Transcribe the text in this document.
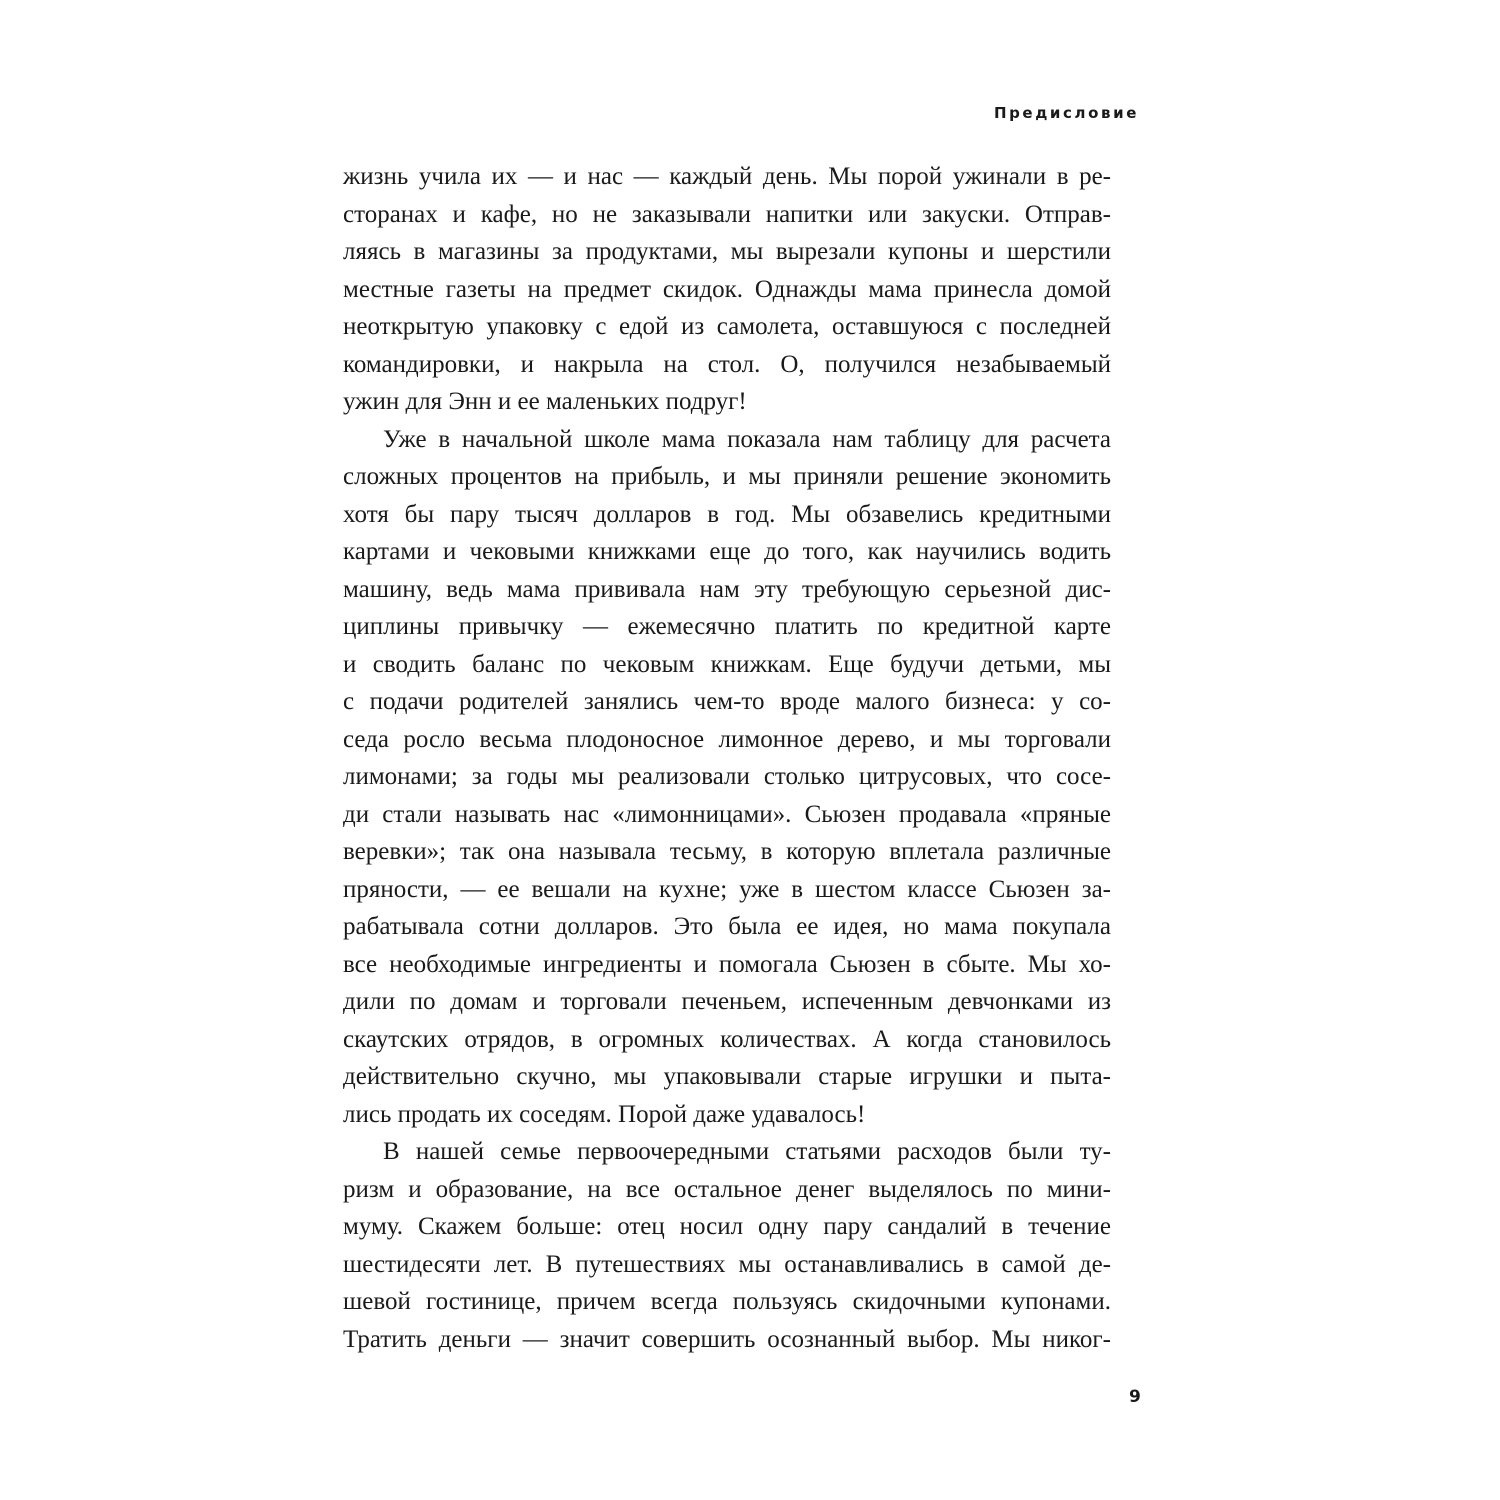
Предисловие
жизнь учила их — и нас — каждый день. Мы порой ужинали в ре-
сторанах и кафе, но не заказывали напитки или закуски. Отправ-
ляясь в магазины за продуктами, мы вырезали купоны и шерстили
местные газеты на предмет скидок. Однажды мама принесла домой
неоткрытую упаковку с едой из самолета, оставшуюся с последней
командировки, и накрыла на стол. О, получился незабываемый
ужин для Энн и ее маленьких подруг!
Уже в начальной школе мама показала нам таблицу для расчета
сложных процентов на прибыль, и мы приняли решение экономить
хотя бы пару тысяч долларов в год. Мы обзавелись кредитными
картами и чековыми книжками еще до того, как научились водить
машину, ведь мама прививала нам эту требующую серьезной дис-
циплины привычку — ежемесячно платить по кредитной карте
и сводить баланс по чековым книжкам. Еще будучи детьми, мы
с подачи родителей занялись чем-то вроде малого бизнеса: у со-
седа росло весьма плодоносное лимонное дерево, и мы торговали
лимонами; за годы мы реализовали столько цитрусовых, что сосе-
ди стали называть нас «лимонницами». Сьюзен продавала «пряные
веревки»; так она называла тесьму, в которую вплетала различные
пряности, — ее вешали на кухне; уже в шестом классе Сьюзен за-
рабатывала сотни долларов. Это была ее идея, но мама покупала
все необходимые ингредиенты и помогала Сьюзен в сбыте. Мы хо-
дили по домам и торговали печеньем, испеченным девчонками из
скаутских отрядов, в огромных количествах. А когда становилось
действительно скучно, мы упаковывали старые игрушки и пыта-
лись продать их соседям. Порой даже удавалось!
В нашей семье первоочередными статьями расходов были ту-
ризм и образование, на все остальное денег выделялось по мини-
муму. Скажем больше: отец носил одну пару сандалий в течение
шестидесяти лет. В путешествиях мы останавливались в самой де-
шевой гостинице, причем всегда пользуясь скидочными купонами.
Тратить деньги — значит совершить осознанный выбор. Мы никог-
9
